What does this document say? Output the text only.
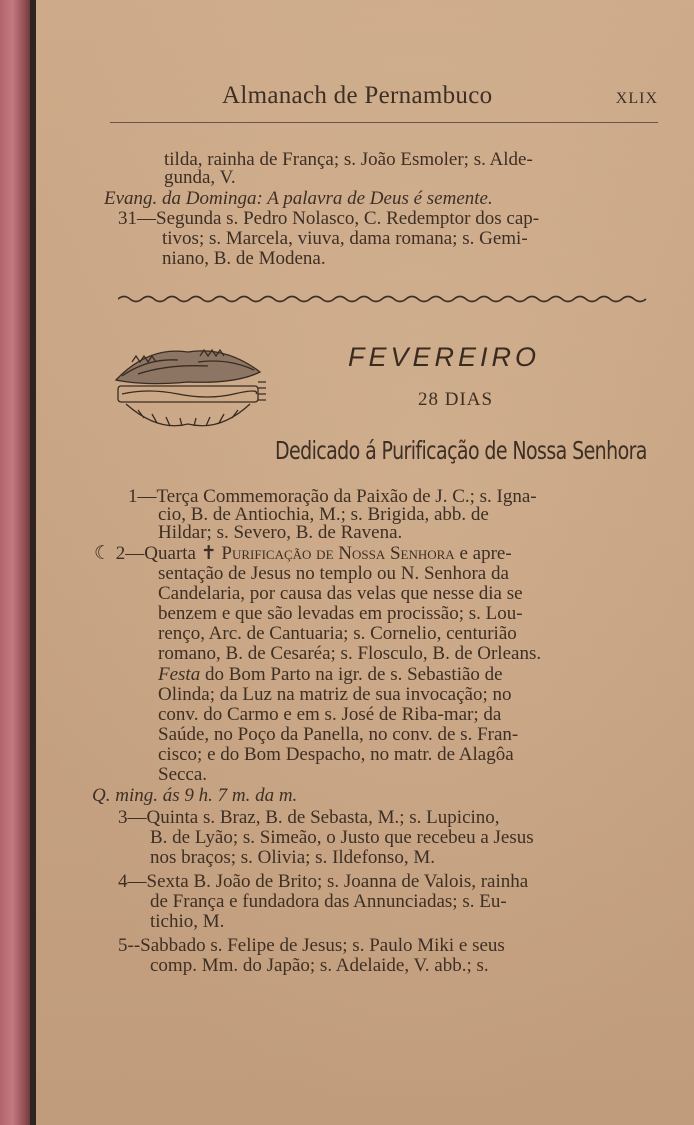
Almanach de Pernambuco	XLIX
tilda, rainha de França; s. João Esmoler; s. Alde-
gunda, V.
Evang. da Dominga: A palavra de Deus é semente.
31—Segunda s. Pedro Nolasco, C. Redemptor dos cap-
tivos; s. Marcela, viuva, dama romana; s. Gemi-
niano, B. de Modena.
FEVEREIRO
28 DIAS
Dedicado á Purificação de Nossa Senhora
1—Terça Commemoração da Paixão de J. C.; s. Igna-
cio, B. de Antiochia, M.; s. Brigida, abb. de
Hildar; s. Severo, B. de Ravena.
☾ 2—Quarta ✝ Purificação de Nossa Senhora e apre-
sentação de Jesus no templo ou N. Senhora da
Candelaria, por causa das velas que nesse dia se
benzem e que são levadas em procissão; s. Lou-
renço, Arc. de Cantuaria; s. Cornelio, centurião
romano, B. de Cesaréa; s. Flosculo, B. de Orleans.
Festa do Bom Parto na igr. de s. Sebastião de
Olinda; da Luz na matriz de sua invocação; no
conv. do Carmo e em s. José de Riba-mar; da
Saúde, no Poço da Panella, no conv. de s. Fran-
cisco; e do Bom Despacho, no matr. de Alagôa
Secca.
Q. ming. ás 9 h. 7 m. da m.
3—Quinta s. Braz, B. de Sebasta, M.; s. Lupicino,
B. de Lyão; s. Simeão, o Justo que recebeu a Jesus
nos braços; s. Olivia; s. Ildefonso, M.
4—Sexta B. João de Brito; s. Joanna de Valois, rainha
de França e fundadora das Annunciadas; s. Eu-
tichio, M.
5--Sabbado s. Felipe de Jesus; s. Paulo Miki e seus
comp. Mm. do Japão; s. Adelaide, V. abb.; s.
